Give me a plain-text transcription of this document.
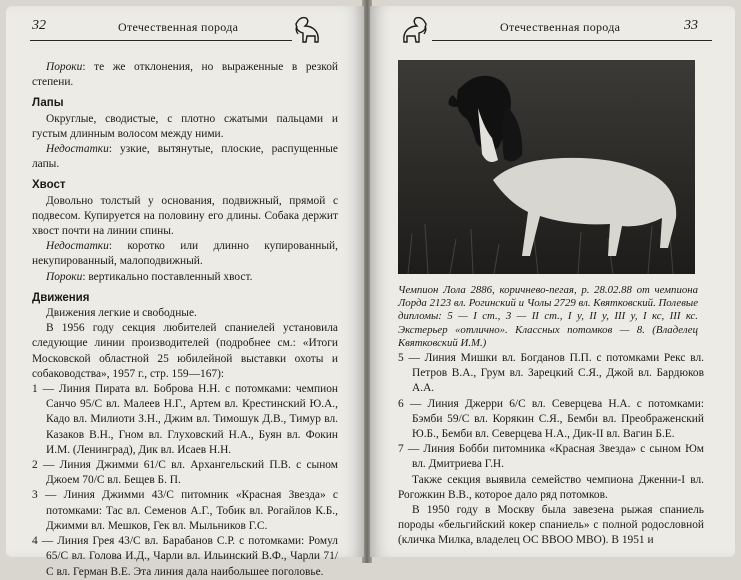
32	Отечественная порода

Пороки: те же отклонения, но выраженные в резкой степени.

Лапы

Округлые, сводистые, с плотно сжатыми пальцами и густым длинным волосом между ними.

Недостатки: узкие, вытянутые, плоские, распущенные лапы.

Хвост

Довольно толстый у основания, подвижный, прямой с подвесом. Купируется на половину его длины. Собака держит хвост почти на линии спины.

Недостатки: коротко или длинно купированный, некупированный, малоподвижный.

Пороки: вертикально поставленный хвост.

Движения

Движения легкие и свободные.

В 1956 году секция любителей спаниелей установила следующие линии производителей (подробнее см.: «Итоги Московской областной 25 юбилейной выставки охоты и собаководства», 1957 г., стр. 159—167):

1 — Линия Пирата вл. Боброва Н.Н. с потомками: чемпион Санчо 95/С вл. Малеев Н.Г., Артем вл. Крестинский Ю.А., Кадо вл. Милиоти З.Н., Джим вл. Тимошук Д.В., Тимур вл. Казаков В.Н., Гном вл. Глуховский Н.А., Буян вл. Фокин И.М. (Ленинград), Дик вл. Исаев Н.Н.

2 — Линия Джимми 61/С вл. Архангельский П.В. с сыном Джоем 70/С вл. Бещев Б. П.

3 — Линия Джимми 43/С питомник «Красная Звезда» с потомками: Тас вл. Семенов А.Г., Тобик вл. Рогайлов К.Б., Джимми вл. Мешков, Гек вл. Мыльников Г.С.

4 — Линия Грея 43/С вл. Барабанов С.Р. с потомками: Ромул 65/С вл. Голова И.Д., Чарли вл. Ильинский В.Ф., Чарли 71/С вл. Герман В.Е. Эта линия дала наибольшее поголовье.

Отечественная порода	33
Чемпион Лола 2886, коричнево-пегая, р. 28.02.88 от чемпиона Лорда 2123 вл. Рогинский и Чолы 2729 вл. Квятковский. Полевые дипломы: 5 — I ст., 3 — II ст., I у, II у, III у, I кс, III кс. Экстерьер «отлично». Классных потомков — 8. (Владелец Квятковский И.М.)

5 — Линия Мишки вл. Богданов П.П. с потомками Рекс вл. Петров В.А., Грум вл. Зарецкий С.Я., Джой вл. Бардюков А.А.

6 — Линия Джерри 6/С вл. Северцева Н.А. с потомками: Бэмби 59/С вл. Корякин С.Я., Бемби вл. Преображенский Ю.Б., Бемби вл. Северцева Н.А., Дик-II вл. Вагин Б.Е.

7 — Линия Бобби питомника «Красная Звезда» с сыном Юм вл. Дмитриева Г.Н.

Также секция выявила семейство чемпиона Дженни-I вл. Рогожкин В.В., которое дало ряд потомков.

В 1950 году в Москву была завезена рыжая спаниель породы «бельгийский кокер спаниель» с полной родословной (кличка Милка, владелец ОС ВВОО МВО). В 1951 и
